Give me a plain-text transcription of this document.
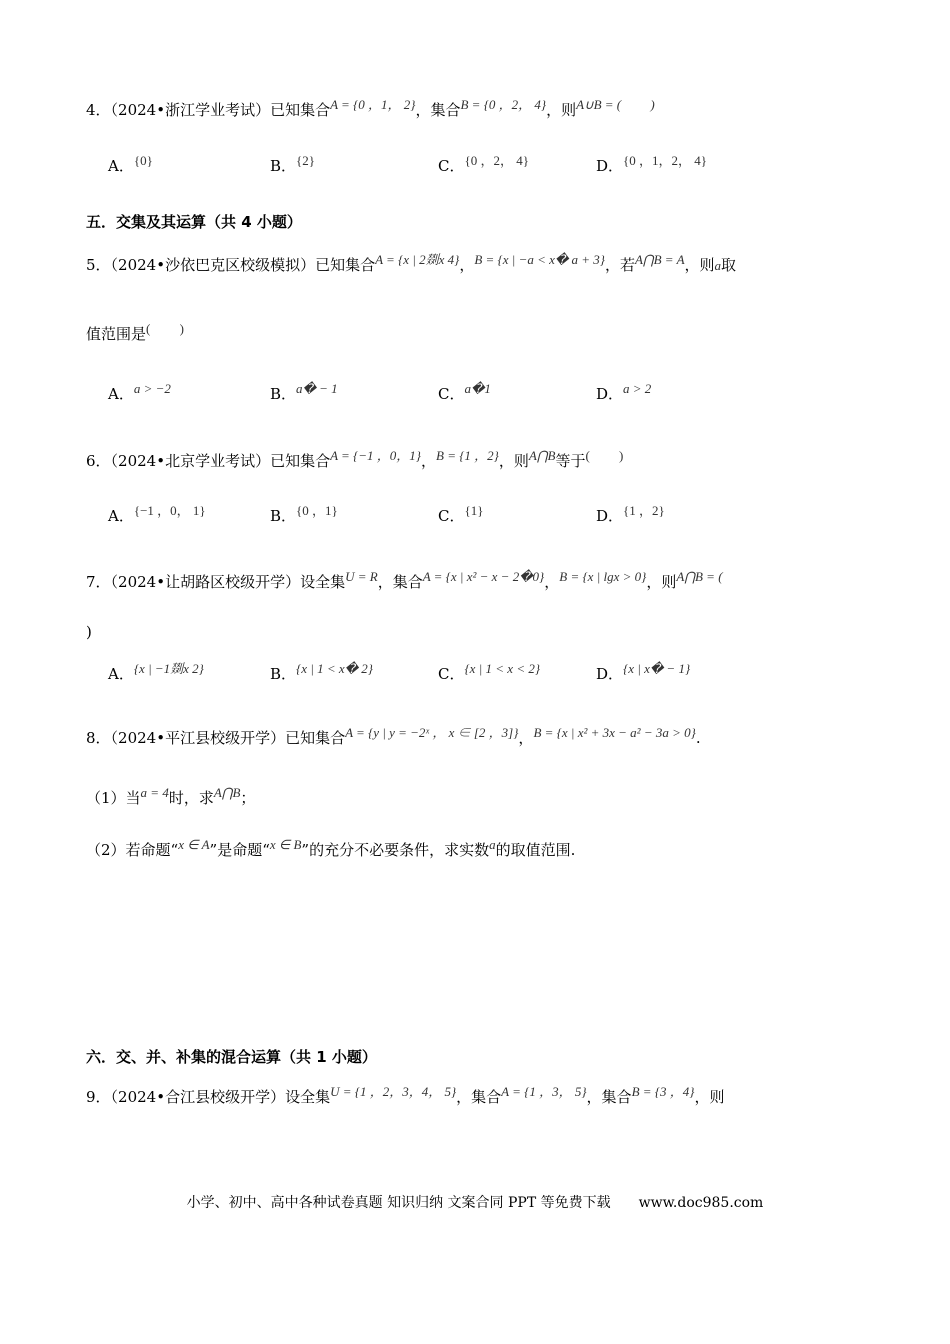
4．（2024•浙江学业考试）已知集合A = {0 ，1， 2}，集合B = {0 ，2， 4}，则A∪B = (　　 )
A．{0}	B．{2}	C．{0 ，2， 4}	D．{0 ，1，2， 4}
五．交集及其运算（共 4 小题）
5．（2024•沙依巴克区校级模拟）已知集合A = {x | 2剟x 4}，B = {x | −a < x� a + 3}，若A⋂B = A，则a取
值范围是(　　 )
A．a > −2	B．a� − 1	C．a�1	D．a > 2
6．（2024•北京学业考试）已知集合A = {−1 ，0，1}，B = {1 ，2}，则A⋂B等于(　　 )
A．{−1 ，0， 1}	B．{0 ，1}	C．{1}	D．{1 ，2}
7．（2024•让胡路区校级开学）设全集U = R，集合A = {x | x² − x − 2�0}，B = {x | lgx > 0}，则A⋂B = (
)
A．{x | −1剟x 2}	B．{x | 1 < x� 2}	C．{x | 1 < x < 2}	D．{x | x� − 1}
8．（2024•平江县校级开学）已知集合A = {y | y = −2ˣ ， x ∈ [2 ，3]}，B = {x | x² + 3x − a² − 3a > 0}.
（1）当a = 4时，求A⋂B；
（2）若命题“x ∈ A”是命题“x ∈ B”的充分不必要条件，求实数a的取值范围.
六．交、并、补集的混合运算（共 1 小题）
9．（2024•合江县校级开学）设全集U = {1 ，2，3，4， 5}，集合A = {1 ，3， 5}，集合B = {3 ，4}，则
小学、初中、高中各种试卷真题 知识归纳 文案合同 PPT 等免费下载 www.doc985.com
